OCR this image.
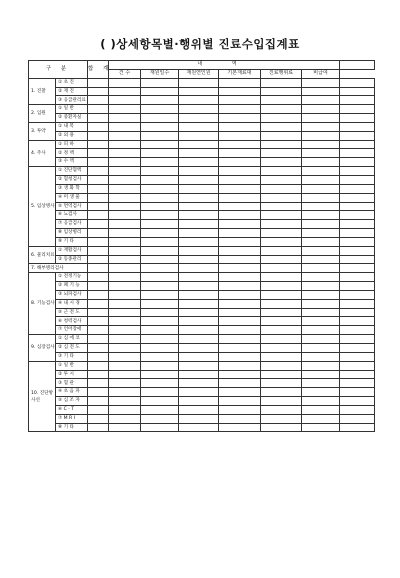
( )상세항목별·행위별 진료수입집계표
구 분		합 계	내 역						
			건 수	재원일수	재원연인원	기본재료대	진료행위료	비급여	
1. 진찰	① 초 진								
	② 재 진								
	③ 응급관리료								
2. 입원	① 일 반								
	② 중환자실								
3. 투약	① 내 복								
	② 외 용								
4. 주사	① 피 하								
	② 정 맥								
	③ 수 액								
5. 임상병사	① 진단혈액								
	② 혈청검사								
	③ 생 화 학								
	④ 미 생 물								
	⑤ 면역검사								
	⑥ 뇨검사								
	⑦ 응급검사								
	⑧ 임상병리								
	⑨ 기 타								
6. 물리치료	① 재활검사								
	② 동종관리								
7. 해부병리검사									
8. 기능검사	① 전정기능								
	② 폐 기 능								
	③ 뇌파검사								
	④ 내 시 경								
	⑤ 근 전 도								
	⑥ 청력검사								
	⑦ 언어장애								
9. 심장검사	① 심 에 코								
	② 심 전 도								
	③ 기 타								
10. 진단방사선	① 일 반								
	② 투 시								
	③ 혈 관								
	④ 초 음 파								
	⑤ 심 조 자								
	⑥ C · T								
	⑦ M R I								
	⑧ 기 타								
